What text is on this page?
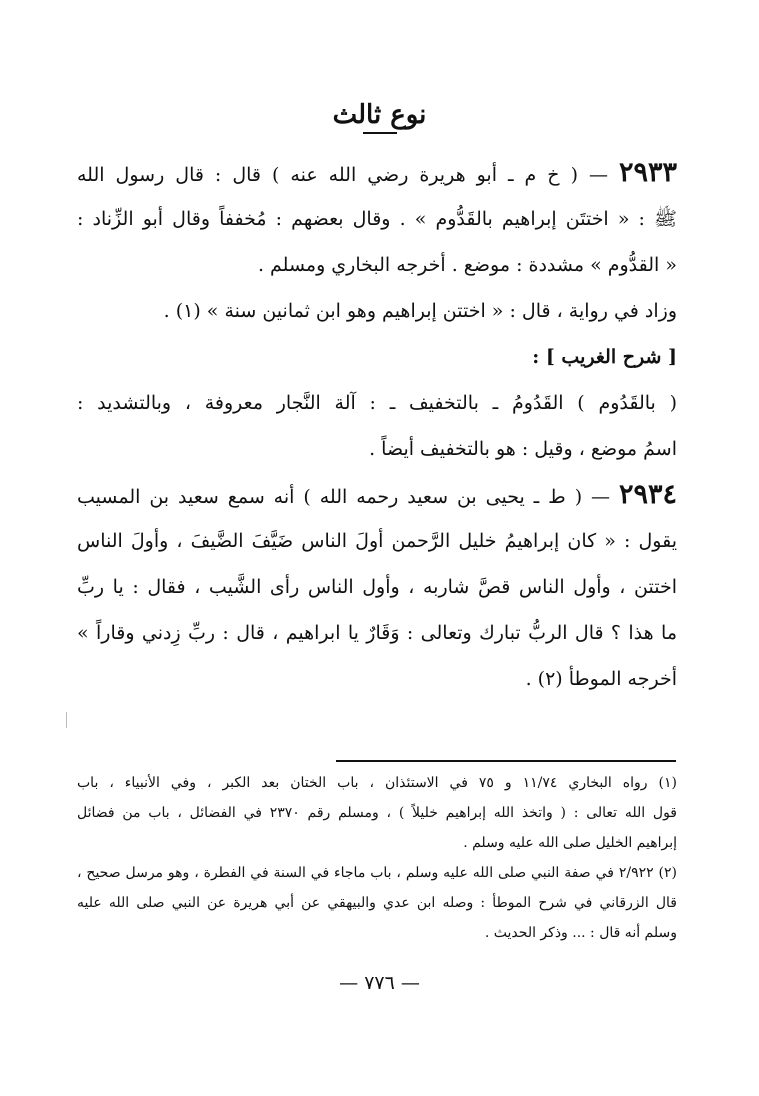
نوع ثالث
٢٩٣٣ — ( خ م ـ أبو هريرة رضي الله عنه ) قال : قال رسول الله
ﷺ : « اختتَن إبراهيم بالقَدُّوم » . وقال بعضهم : مُخففاً وقال أبو الزِّناد :
« القدُّوم » مشددة : موضع . أخرجه البخاري ومسلم .
وزاد في رواية ، قال : « اختتن إبراهيم وهو ابن ثمانين سنة » (١) .
[ شرح الغريب ] :
( بالقَدُوم ) القَدُومُ ـ بالتخفيف ـ : آلة النَّجار معروفة ، وبالتشديد :
اسمُ موضع ، وقيل : هو بالتخفيف أيضاً .
٢٩٣٤ — ( ط ـ يحيى بن سعيد رحمه الله ) أنه سمع سعيد بن المسيب
يقول : « كان إبراهيمُ خليل الرَّحمن أولَ الناس ضَيَّفَ الضَّيفَ ، وأولَ الناس
اختتن ، وأول الناس قصَّ شاربه ، وأول الناس رأى الشَّيب ، فقال : يا ربِّ
ما هذا ؟ قال الربُّ تبارك وتعالى : وَقَارٌ يا ابراهيم ، قال : ربِّ زِدني وقاراً »
أخرجه الموطأ (٢) .
(١) رواه البخاري ١١/٧٤ و ٧٥ في الاستئذان ، باب الختان بعد الكبر ، وفي الأنبياء ، باب
قول الله تعالى : ( واتخذ الله إبراهيم خليلاً ) ، ومسلم رقم ٢٣٧٠ في الفضائل ، باب من فضائل
إبراهيم الخليل صلى الله عليه وسلم .
(٢) ٢/٩٢٢ في صفة النبي صلى الله عليه وسلم ، باب ماجاء في السنة في الفطرة ، وهو مرسل صحيح ،
قال الزرقاني في شرح الموطأ : وصله ابن عدي والبيهقي عن أبي هريرة عن النبي صلى الله عليه
وسلم أنه قال : ... وذكر الحديث .
— ٧٧٦ —
